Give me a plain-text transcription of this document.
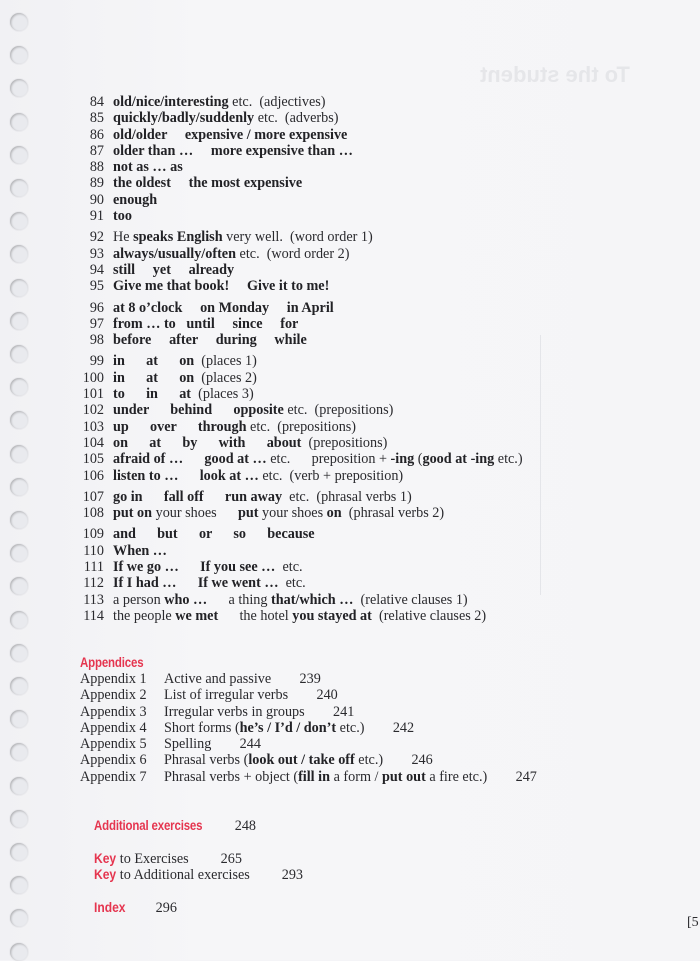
To the student
84 old/nice/interesting etc.  (adjectives)
85 quickly/badly/suddenly etc.  (adverbs)
86 old/older     expensive / more expensive
87 older than …     more expensive than …
88 not as … as
89 the oldest     the most expensive
90 enough
91 too
92 He speaks English very well.  (word order 1)
93 always/usually/often etc.  (word order 2)
94 still     yet     already
95 Give me that book!     Give it to me!
96 at 8 o’clock     on Monday     in April
97 from … to   until     since     for
98 before     after     during     while
99 in      at      on  (places 1)
100 in      at      on  (places 2)
101 to      in      at  (places 3)
102 under      behind      opposite etc.  (prepositions)
103 up      over      through etc.  (prepositions)
104 on      at      by      with      about  (prepositions)
105 afraid of …      good at … etc.      preposition + -ing (good at -ing etc.)
106 listen to …      look at … etc.  (verb + preposition)
107 go in      fall off      run away  etc.  (phrasal verbs 1)
108 put on your shoes      put your shoes on  (phrasal verbs 2)
109 and      but      or      so      because
110 When …
111 If we go …      If you see …  etc.
112 If I had …      If we went …  etc.
113 a person who …      a thing that/which …  (relative clauses 1)
114 the people we met      the hotel you stayed at  (relative clauses 2)
Appendices
Appendix 1	Active and passive        239
Appendix 2	List of irregular verbs        240
Appendix 3	Irregular verbs in groups        241
Appendix 4	Short forms (he’s / I’d / don’t etc.)        242
Appendix 5	Spelling        244
Appendix 6	Phrasal verbs (look out / take off etc.)        246
Appendix 7	Phrasal verbs + object (fill in a form / put out a fire etc.)        247

Additional exercises 248

Key to Exercises 265

Key to Additional exercises 293

Index 296

[5
